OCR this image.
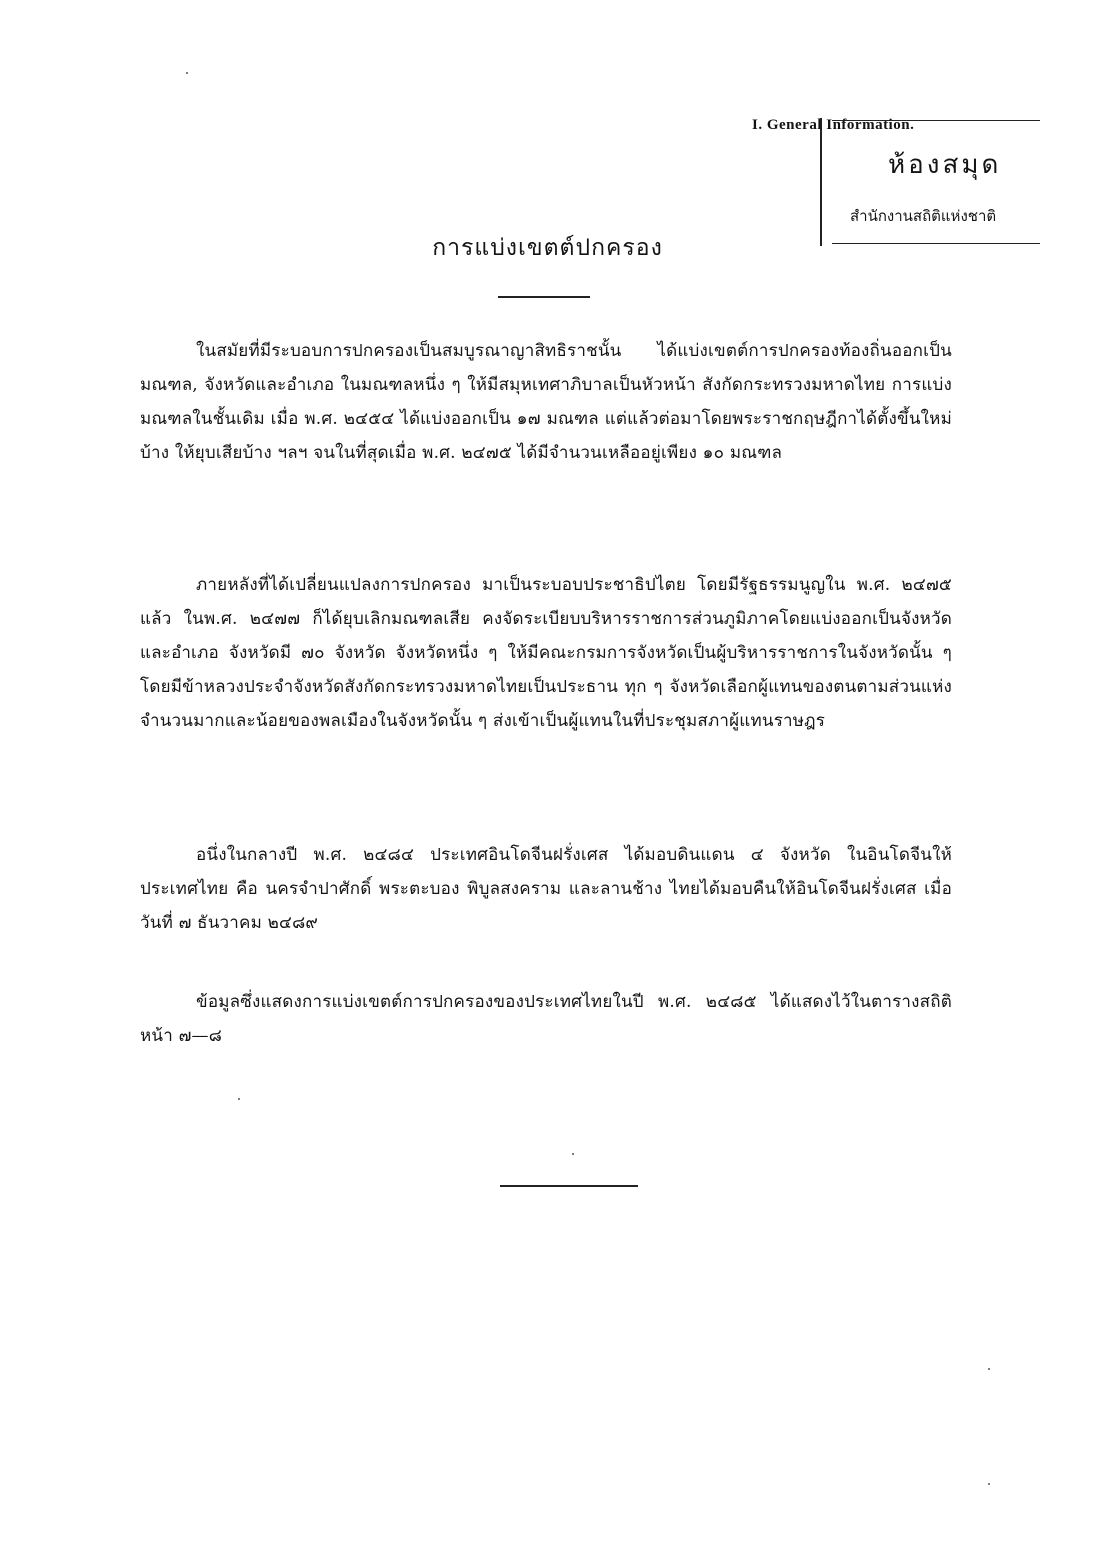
I. General Information.
ห้องสมุด
สำนักงานสถิติแห่งชาติ
การแบ่งเขตต์ปกครอง

ในสมัยที่มีระบอบการปกครองเป็นสมบูรณาญาสิทธิราชนั้น ได้แบ่งเขตต์การปกครองท้องถิ่นออกเป็นมณฑล, จังหวัดและอำเภอ ในมณฑลหนึ่ง ๆ ให้มีสมุหเทศาภิบาลเป็นหัวหน้า สังกัดกระทรวงมหาดไทย การแบ่งมณฑลในชั้นเดิม เมื่อ พ.ศ. ๒๔๕๔ ได้แบ่งออกเป็น ๑๗ มณฑล แต่แล้วต่อมาโดยพระราชกฤษฎีกาได้ตั้งขึ้นใหม่บ้าง ให้ยุบเสียบ้าง ฯลฯ จนในที่สุดเมื่อ พ.ศ. ๒๔๗๕ ได้มีจำนวนเหลืออยู่เพียง ๑๐ มณฑล

ภายหลังที่ได้เปลี่ยนแปลงการปกครอง มาเป็นระบอบประชาธิปไตย โดยมีรัฐธรรมนูญใน พ.ศ. ๒๔๗๕ แล้ว ในพ.ศ. ๒๔๗๗ ก็ได้ยุบเลิกมณฑลเสีย คงจัดระเบียบบริหารราชการส่วนภูมิภาคโดยแบ่งออกเป็นจังหวัดและอำเภอ จังหวัดมี ๗๐ จังหวัด จังหวัดหนึ่ง ๆ ให้มีคณะกรมการจังหวัดเป็นผู้บริหารราชการในจังหวัดนั้น ๆ โดยมีข้าหลวงประจำจังหวัดสังกัดกระทรวงมหาดไทยเป็นประธาน ทุก ๆ จังหวัดเลือกผู้แทนของตนตามส่วนแห่งจำนวนมากและน้อยของพลเมืองในจังหวัดนั้น ๆ ส่งเข้าเป็นผู้แทนในที่ประชุมสภาผู้แทนราษฎร

อนึ่งในกลางปี พ.ศ. ๒๔๘๔ ประเทศอินโดจีนฝรั่งเศส ได้มอบดินแดน ๔ จังหวัด ในอินโดจีนให้ประเทศไทย คือ นครจำปาศักดิ์ พระตะบอง พิบูลสงคราม และลานช้าง ไทยได้มอบคืนให้อินโดจีนฝรั่งเศส เมื่อวันที่ ๗ ธันวาคม ๒๔๘๙

ข้อมูลซึ่งแสดงการแบ่งเขตต์การปกครองของประเทศไทยในปี พ.ศ. ๒๔๘๕ ได้แสดงไว้ในตารางสถิติหน้า ๗—๘
